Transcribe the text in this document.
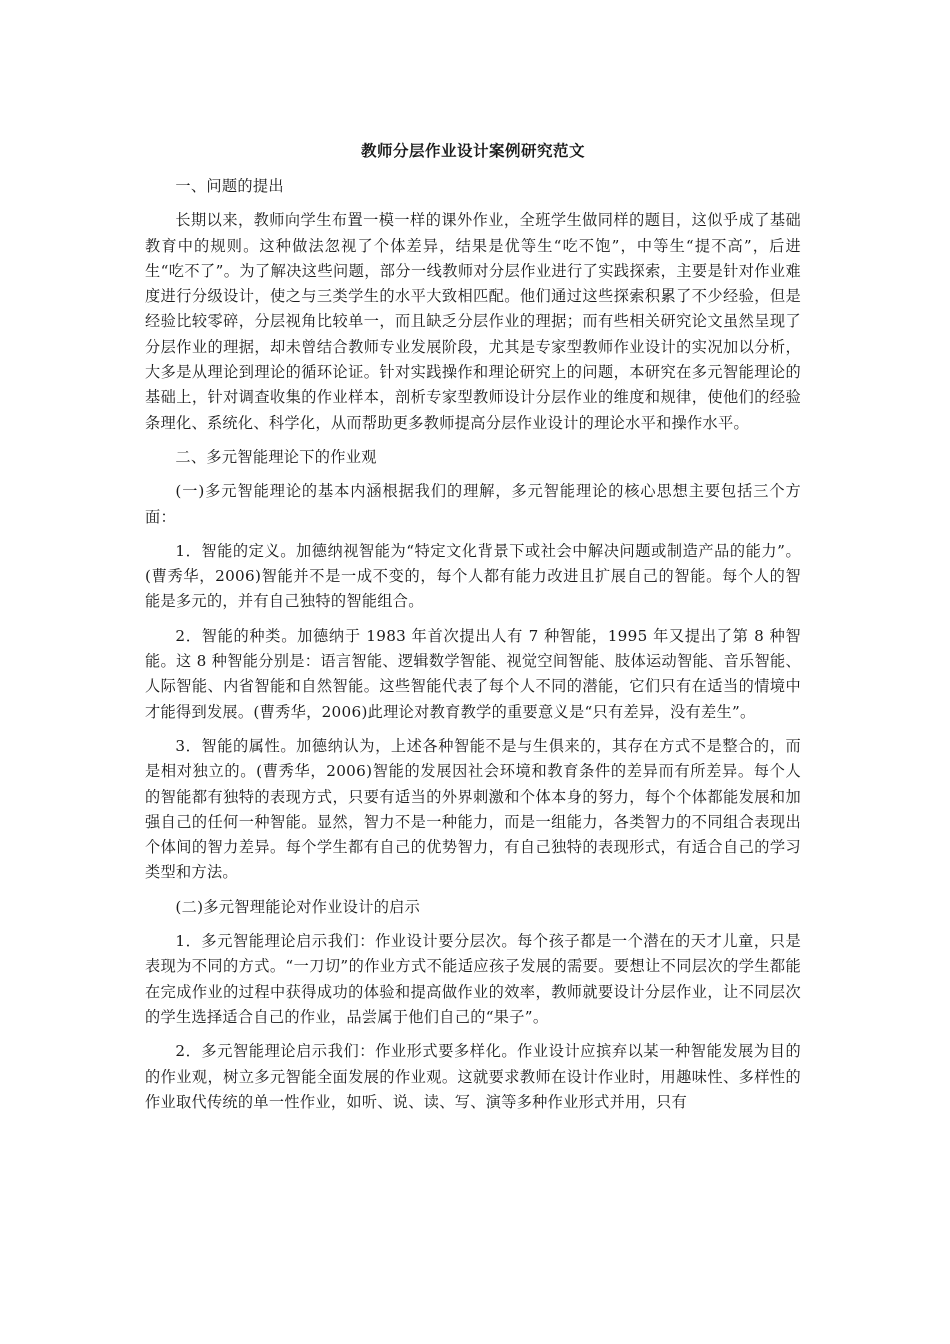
教师分层作业设计案例研究范文

一、问题的提出

长期以来，教师向学生布置一模一样的课外作业，全班学生做同样的题目，这似乎成了基础教育中的规则。这种做法忽视了个体差异，结果是优等生“吃不饱”，中等生“提不高”，后进生“吃不了”。为了解决这些问题，部分一线教师对分层作业进行了实践探索，主要是针对作业难度进行分级设计，使之与三类学生的水平大致相匹配。他们通过这些探索积累了不少经验，但是经验比较零碎，分层视角比较单一，而且缺乏分层作业的理据；而有些相关研究论文虽然呈现了分层作业的理据，却未曾结合教师专业发展阶段，尤其是专家型教师作业设计的实况加以分析，大多是从理论到理论的循环论证。针对实践操作和理论研究上的问题，本研究在多元智能理论的基础上，针对调查收集的作业样本，剖析专家型教师设计分层作业的维度和规律，使他们的经验条理化、系统化、科学化，从而帮助更多教师提高分层作业设计的理论水平和操作水平。

二、多元智能理论下的作业观

(一)多元智能理论的基本内涵根据我们的理解，多元智能理论的核心思想主要包括三个方面：

1．智能的定义。加德纳视智能为“特定文化背景下或社会中解决问题或制造产品的能力”。(曹秀华，2006)智能并不是一成不变的，每个人都有能力改进且扩展自己的智能。每个人的智能是多元的，并有自己独特的智能组合。

2．智能的种类。加德纳于 1983 年首次提出人有 7 种智能，1995 年又提出了第 8 种智能。这 8 种智能分别是：语言智能、逻辑数学智能、视觉空间智能、肢体运动智能、音乐智能、人际智能、内省智能和自然智能。这些智能代表了每个人不同的潜能，它们只有在适当的情境中才能得到发展。(曹秀华，2006)此理论对教育教学的重要意义是“只有差异，没有差生”。

3．智能的属性。加德纳认为，上述各种智能不是与生俱来的，其存在方式不是整合的，而是相对独立的。(曹秀华，2006)智能的发展因社会环境和教育条件的差异而有所差异。每个人的智能都有独特的表现方式，只要有适当的外界刺激和个体本身的努力，每个个体都能发展和加强自己的任何一种智能。显然，智力不是一种能力，而是一组能力，各类智力的不同组合表现出个体间的智力差异。每个学生都有自己的优势智力，有自己独特的表现形式，有适合自己的学习类型和方法。

(二)多元智理能论对作业设计的启示

1．多元智能理论启示我们：作业设计要分层次。每个孩子都是一个潜在的天才儿童，只是表现为不同的方式。“一刀切”的作业方式不能适应孩子发展的需要。要想让不同层次的学生都能在完成作业的过程中获得成功的体验和提高做作业的效率，教师就要设计分层作业，让不同层次的学生选择适合自己的作业，品尝属于他们自己的“果子”。

2．多元智能理论启示我们：作业形式要多样化。作业设计应摈弃以某一种智能发展为目的的作业观，树立多元智能全面发展的作业观。这就要求教师在设计作业时，用趣味性、多样性的作业取代传统的单一性作业，如听、说、读、写、演等多种作业形式并用，只有
